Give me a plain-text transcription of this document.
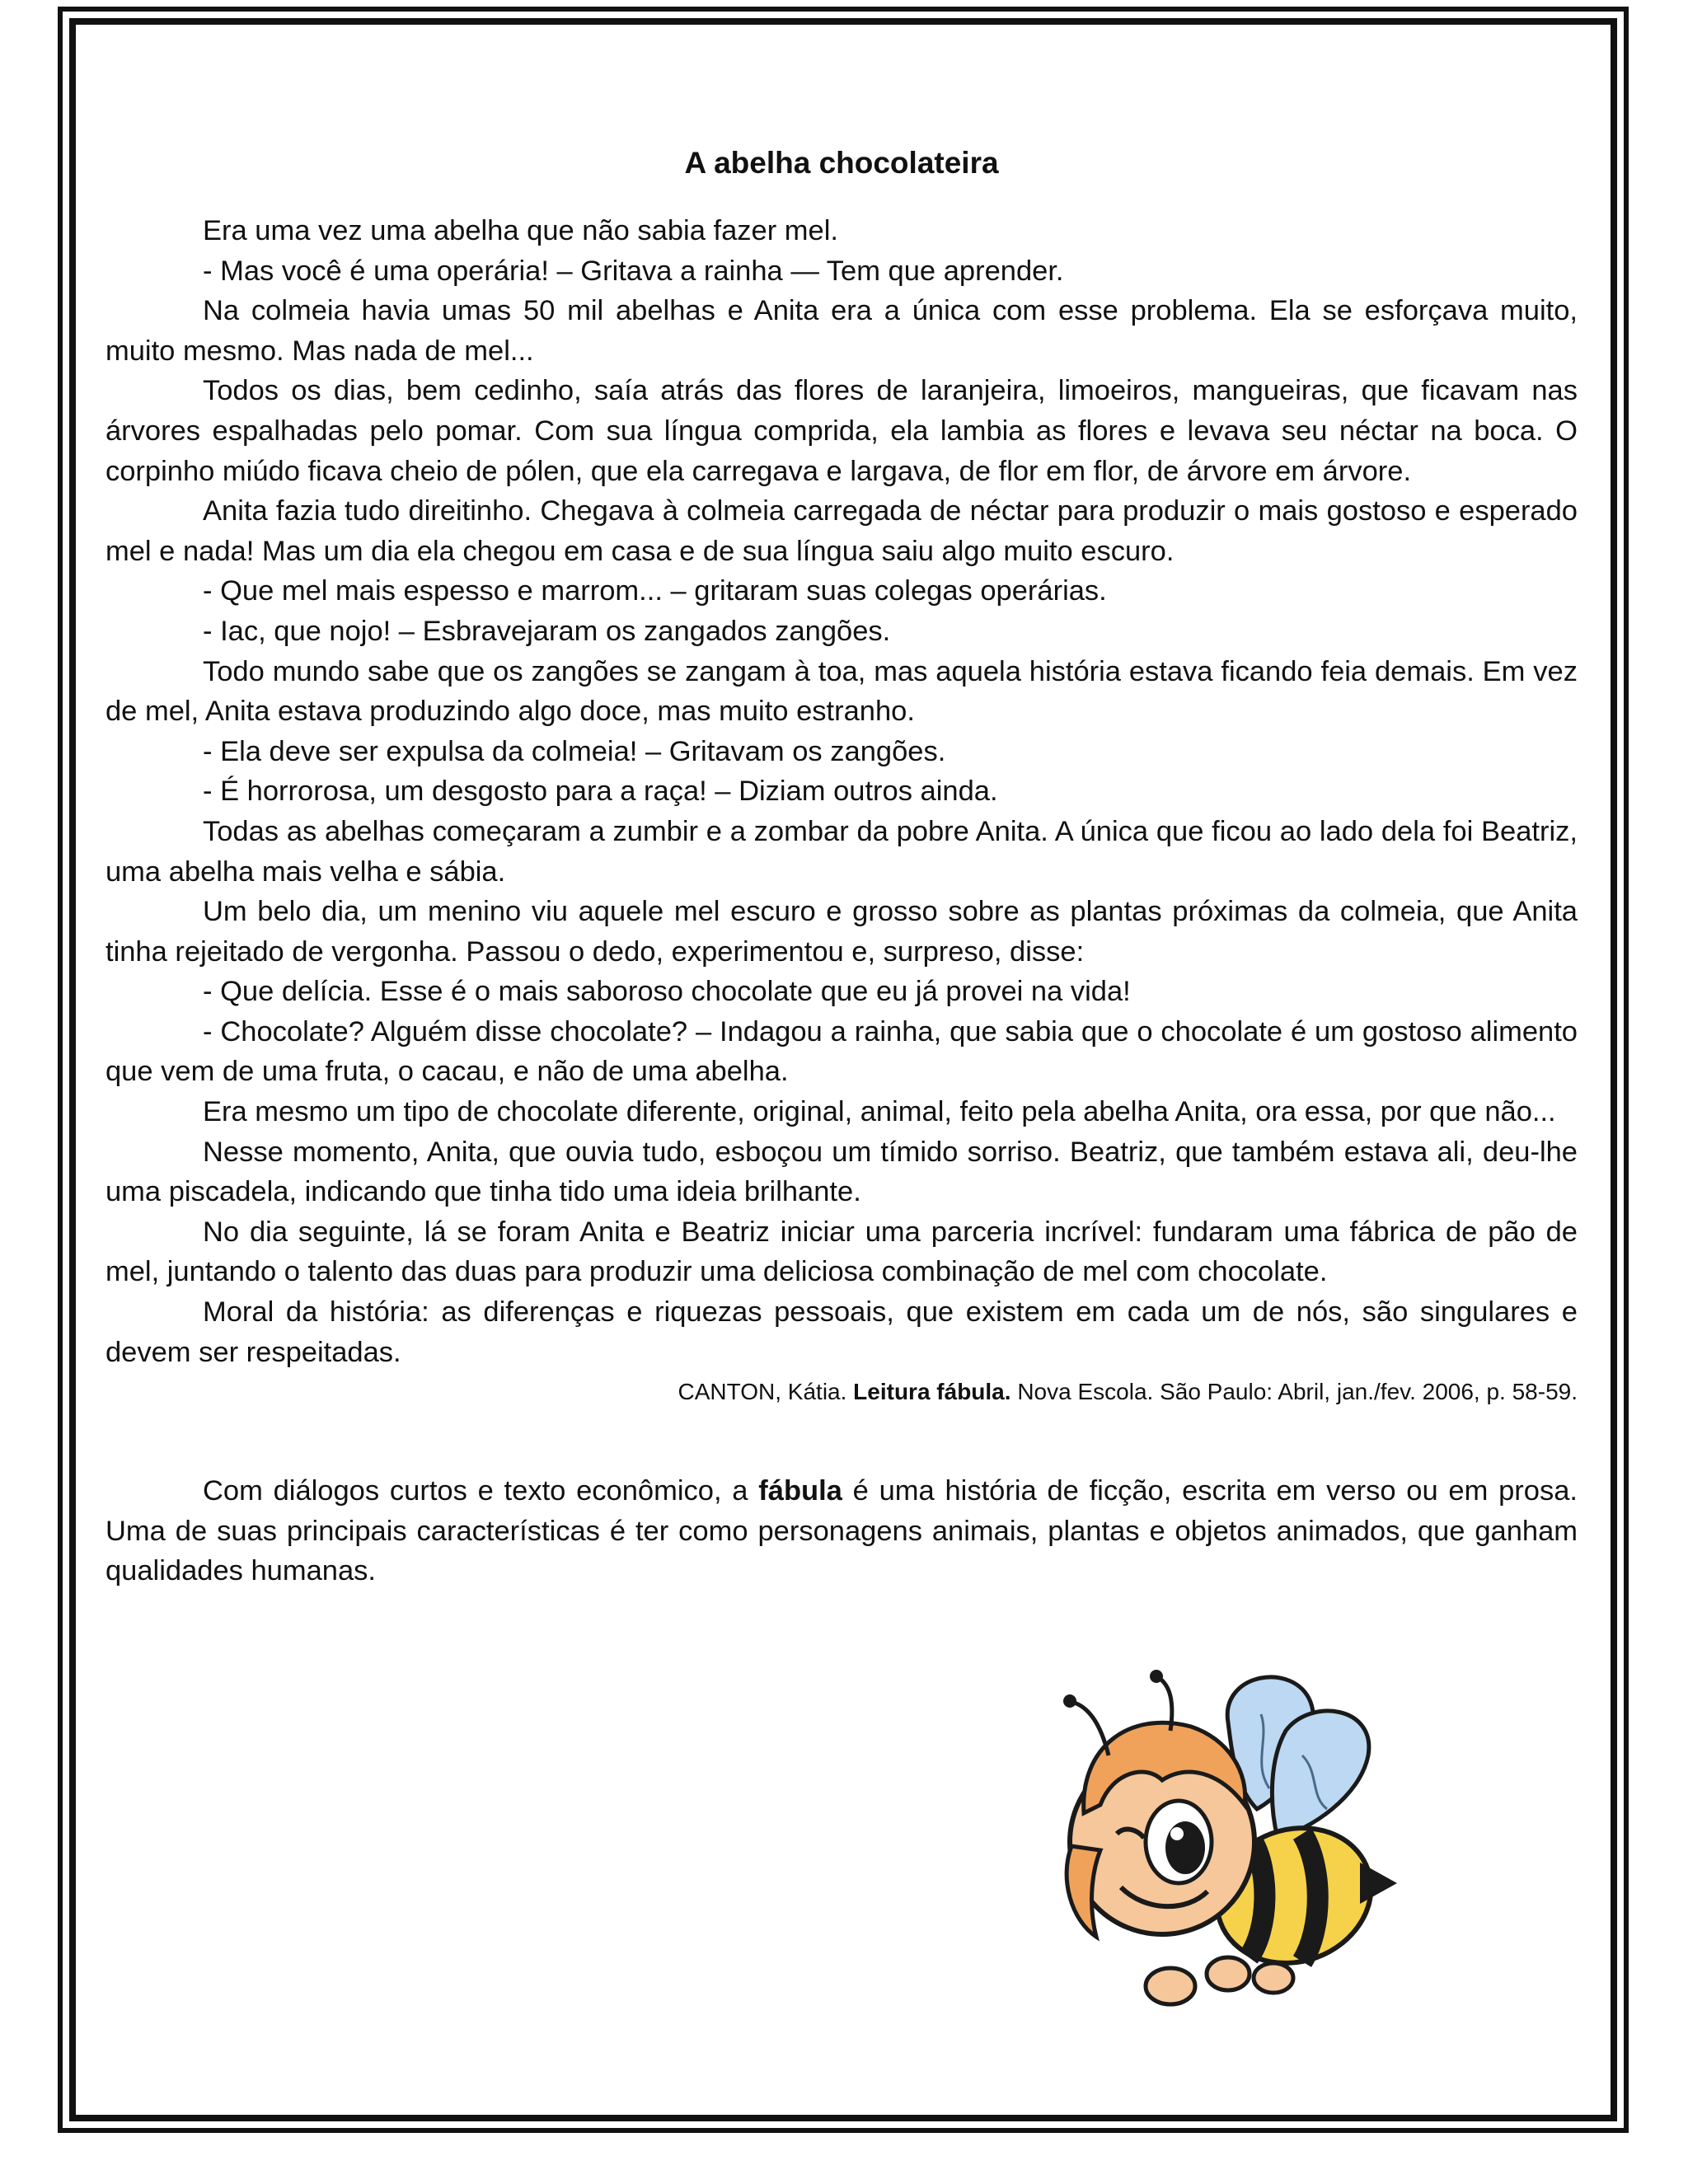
A abelha chocolateira

Era uma vez uma abelha que não sabia fazer mel.

- Mas você é uma operária! – Gritava a rainha — Tem que aprender.

Na colmeia havia umas 50 mil abelhas e Anita era a única com esse problema. Ela se esforçava muito, muito mesmo. Mas nada de mel...

Todos os dias, bem cedinho, saía atrás das flores de laranjeira, limoeiros, mangueiras, que ficavam nas árvores espalhadas pelo pomar. Com sua língua comprida, ela lambia as flores e levava seu néctar na boca. O corpinho miúdo ficava cheio de pólen, que ela carregava e largava, de flor em flor, de árvore em árvore.

Anita fazia tudo direitinho. Chegava à colmeia carregada de néctar para produzir o mais gostoso e esperado mel e nada! Mas um dia ela chegou em casa e de sua língua saiu algo muito escuro.

- Que mel mais espesso e marrom... – gritaram suas colegas operárias.

- Iac, que nojo! – Esbravejaram os zangados zangões.

Todo mundo sabe que os zangões se zangam à toa, mas aquela história estava ficando feia demais. Em vez de mel, Anita estava produzindo algo doce, mas muito estranho.

- Ela deve ser expulsa da colmeia! – Gritavam os zangões.

- É horrorosa, um desgosto para a raça! – Diziam outros ainda.

Todas as abelhas começaram a zumbir e a zombar da pobre Anita. A única que ficou ao lado dela foi Beatriz, uma abelha mais velha e sábia.

Um belo dia, um menino viu aquele mel escuro e grosso sobre as plantas próximas da colmeia, que Anita tinha rejeitado de vergonha. Passou o dedo, experimentou e, surpreso, disse:

- Que delícia. Esse é o mais saboroso chocolate que eu já provei na vida!

- Chocolate? Alguém disse chocolate? – Indagou a rainha, que sabia que o chocolate é um gostoso alimento que vem de uma fruta, o cacau, e não de uma abelha.

Era mesmo um tipo de chocolate diferente, original, animal, feito pela abelha Anita, ora essa, por que não...

Nesse momento, Anita, que ouvia tudo, esboçou um tímido sorriso. Beatriz, que também estava ali, deu-lhe uma piscadela, indicando que tinha tido uma ideia brilhante.

No dia seguinte, lá se foram Anita e Beatriz iniciar uma parceria incrível: fundaram uma fábrica de pão de mel, juntando o talento das duas para produzir uma deliciosa combinação de mel com chocolate.

Moral da história: as diferenças e riquezas pessoais, que existem em cada um de nós, são singulares e devem ser respeitadas.

CANTON, Kátia. Leitura fábula. Nova Escola. São Paulo: Abril, jan./fev. 2006, p. 58-59.

Com diálogos curtos e texto econômico, a fábula é uma história de ficção, escrita em verso ou em prosa. Uma de suas principais características é ter como personagens animais, plantas e objetos animados, que ganham qualidades humanas.
